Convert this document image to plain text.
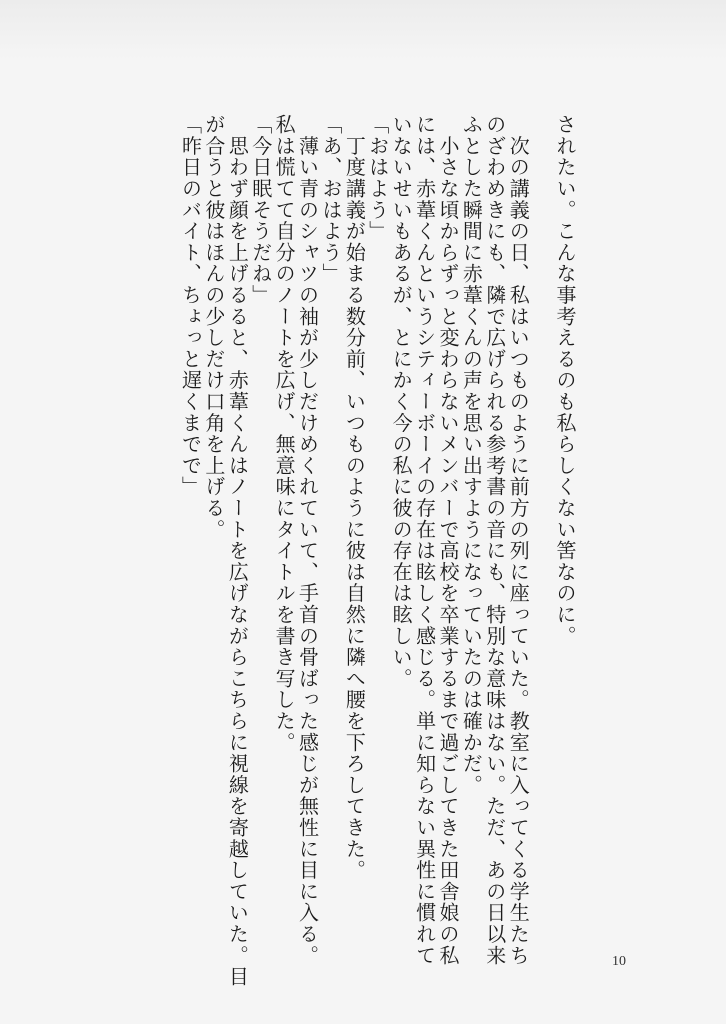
されたい。こんな事考えるのも私らしくない筈なのに。

　次の講義の日、私はいつものように前方の列に座っていた。教室に入ってくる学生たち
のざわめきにも、隣で広げられる参考書の音にも、特別な意味はない。ただ、あの日以来
ふとした瞬間に赤葦くんの声を思い出すようになっていたのは確かだ。
　小さな頃からずっと変わらないメンバーで高校を卒業するまで過ごしてきた田舎娘の私
には、赤葦くんというシティーボーイの存在は眩しく感じる。単に知らない異性に慣れて
いないせいもあるが、とにかく今の私に彼の存在は眩しい。
「おはよう」
　丁度講義が始まる数分前、いつものように彼は自然に隣へ腰を下ろしてきた。
「あ、おはよう」
　薄い青のシャツの袖が少しだけめくれていて、手首の骨ばった感じが無性に目に入る。
私は慌てて自分のノートを広げ、無意味にタイトルを書き写した。
「今日眠そうだね」
　思わず顔を上げるると、赤葦くんはノートを広げながらこちらに視線を寄越していた。目
が合うと彼はほんの少しだけ口角を上げる。
「昨日のバイト、ちょっと遅くまでで」
10
